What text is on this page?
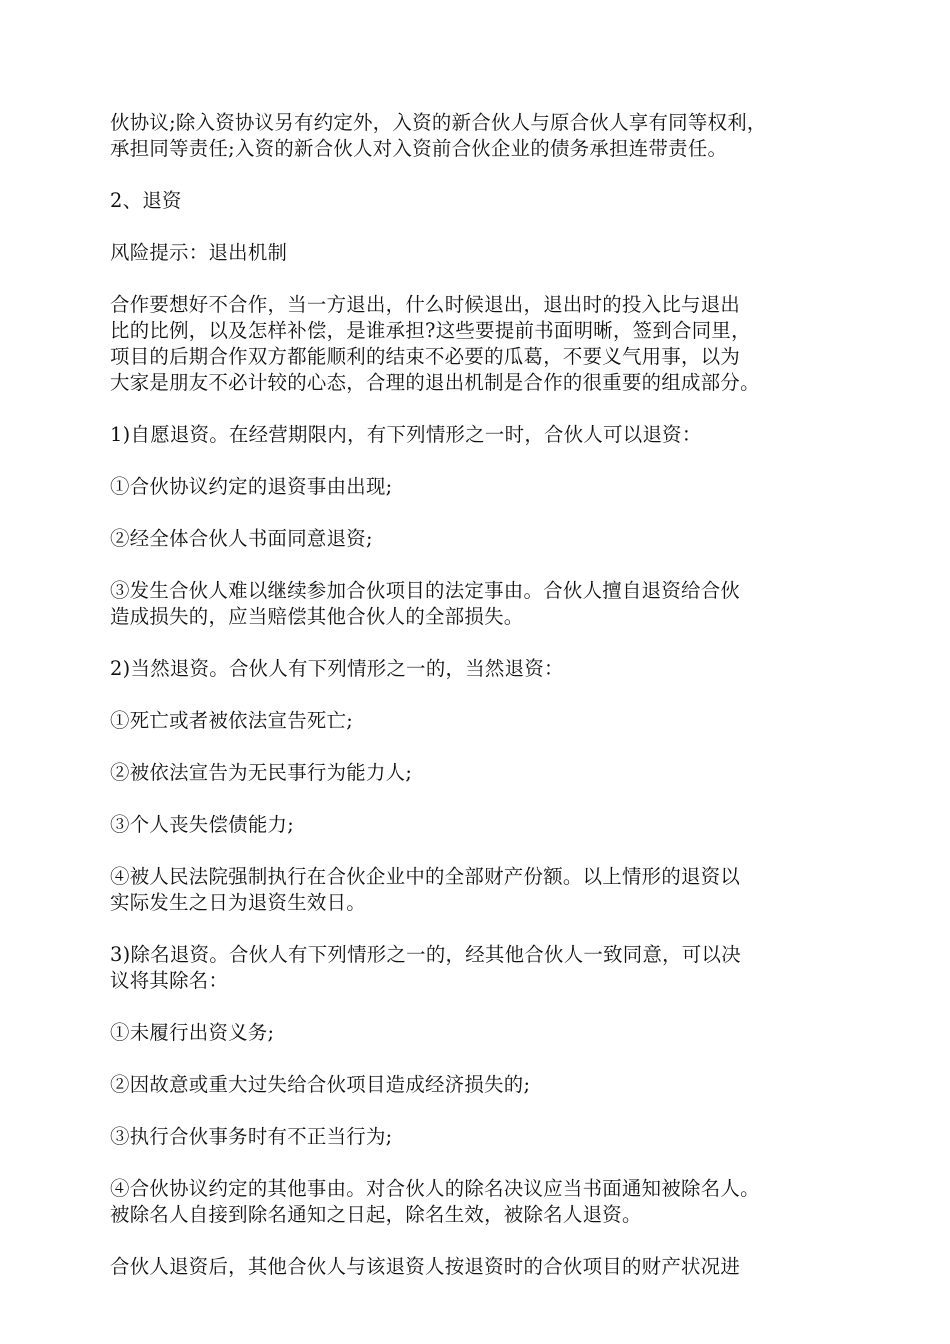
伙协议;除入资协议另有约定外，入资的新合伙人与原合伙人享有同等权利，
承担同等责任;入资的新合伙人对入资前合伙企业的债务承担连带责任。
2、退资
风险提示：退出机制
合作要想好不合作，当一方退出，什么时候退出，退出时的投入比与退出
比的比例，以及怎样补偿，是谁承担?这些要提前书面明晰，签到合同里，
项目的后期合作双方都能顺利的结束不必要的瓜葛，不要义气用事，以为
大家是朋友不必计较的心态，合理的退出机制是合作的很重要的组成部分。
1)自愿退资。在经营期限内，有下列情形之一时，合伙人可以退资：
①合伙协议约定的退资事由出现;
②经全体合伙人书面同意退资;
③发生合伙人难以继续参加合伙项目的法定事由。合伙人擅自退资给合伙
造成损失的，应当赔偿其他合伙人的全部损失。
2)当然退资。合伙人有下列情形之一的，当然退资：
①死亡或者被依法宣告死亡;
②被依法宣告为无民事行为能力人;
③个人丧失偿债能力;
④被人民法院强制执行在合伙企业中的全部财产份额。以上情形的退资以
实际发生之日为退资生效日。
3)除名退资。合伙人有下列情形之一的，经其他合伙人一致同意，可以决
议将其除名：
①未履行出资义务;
②因故意或重大过失给合伙项目造成经济损失的;
③执行合伙事务时有不正当行为;
④合伙协议约定的其他事由。对合伙人的除名决议应当书面通知被除名人。
被除名人自接到除名通知之日起，除名生效，被除名人退资。
合伙人退资后，其他合伙人与该退资人按退资时的合伙项目的财产状况进
